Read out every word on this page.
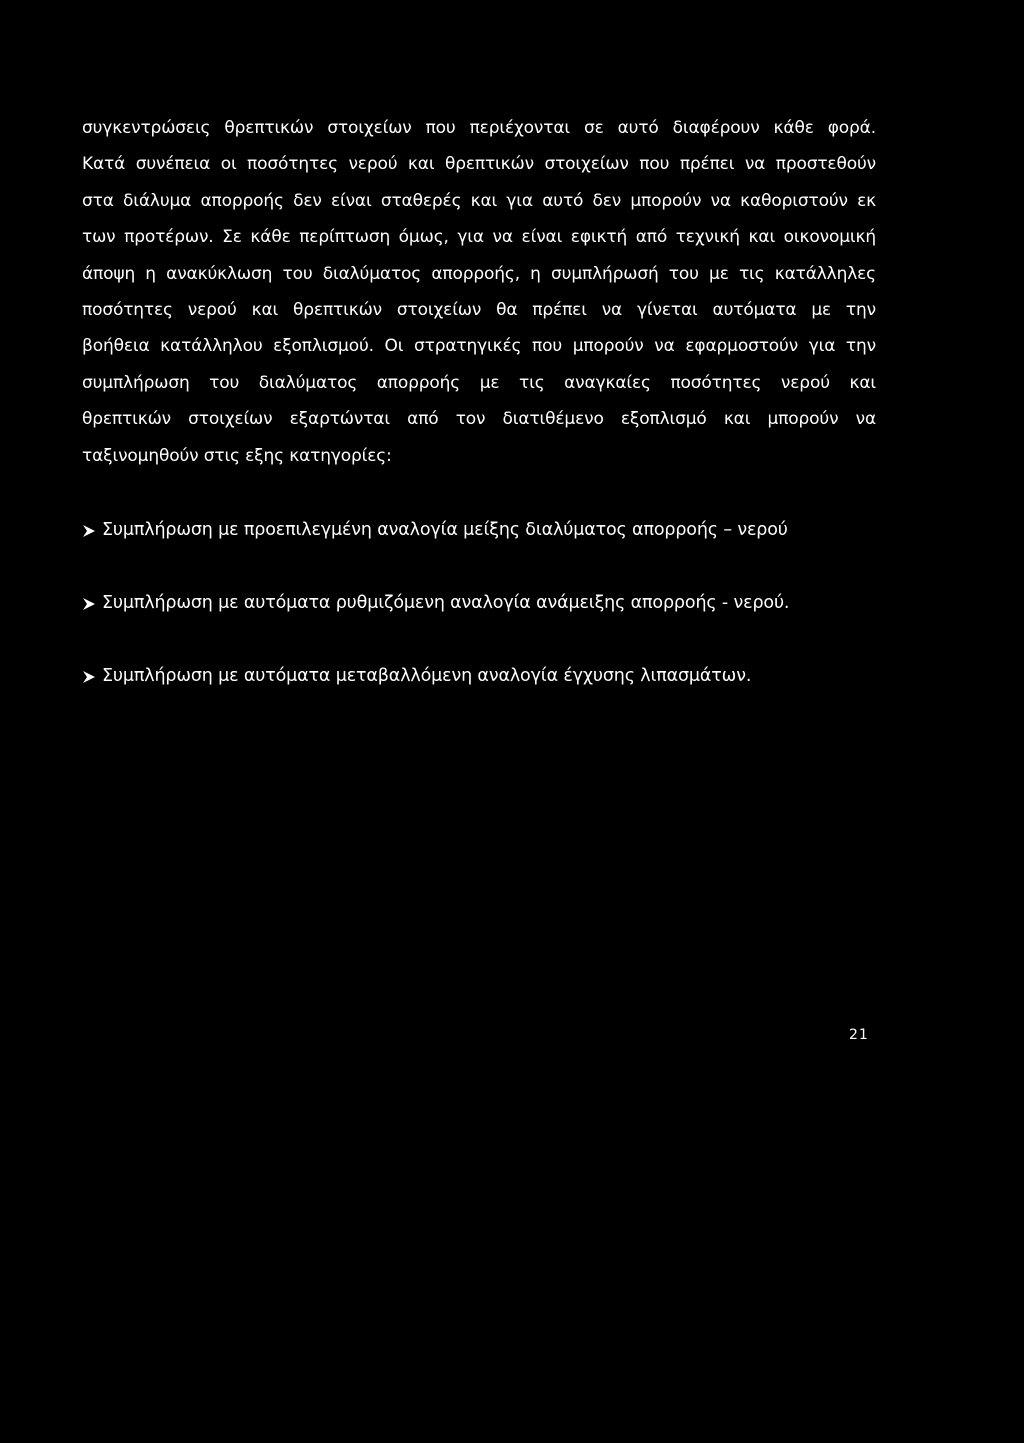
συγκεντρώσεις θρεπτικών στοιχείων που περιέχονται σε αυτό διαφέρουν κάθε φορά.
Κατά συνέπεια οι ποσότητες νερού και θρεπτικών στοιχείων που πρέπει να προστεθούν
στα διάλυμα απορροής δεν είναι σταθερές και για αυτό δεν μπορούν να καθοριστούν εκ
των προτέρων. Σε κάθε περίπτωση όμως, για να είναι εφικτή από τεχνική και οικονομική
άποψη η ανακύκλωση του διαλύματος απορροής, η συμπλήρωσή του με τις κατάλληλες
ποσότητες νερού και θρεπτικών στοιχείων θα πρέπει να γίνεται αυτόματα με την
βοήθεια κατάλληλου εξοπλισμού. Οι στρατηγικές που μπορούν να εφαρμοστούν για την
συμπλήρωση του διαλύματος απορροής με τις αναγκαίες ποσότητες νερού και
θρεπτικών στοιχείων εξαρτώνται από τον διατιθέμενο εξοπλισμό και μπορούν να
ταξινομηθούν στις εξης κατηγορίες:
Συμπλήρωση με προεπιλεγμένη αναλογία μείξης διαλύματος απορροής – νερού
Συμπλήρωση με αυτόματα ρυθμιζόμενη αναλογία ανάμειξης απορροής - νερού.
Συμπλήρωση με αυτόματα μεταβαλλόμενη αναλογία έγχυσης λιπασμάτων.
21
